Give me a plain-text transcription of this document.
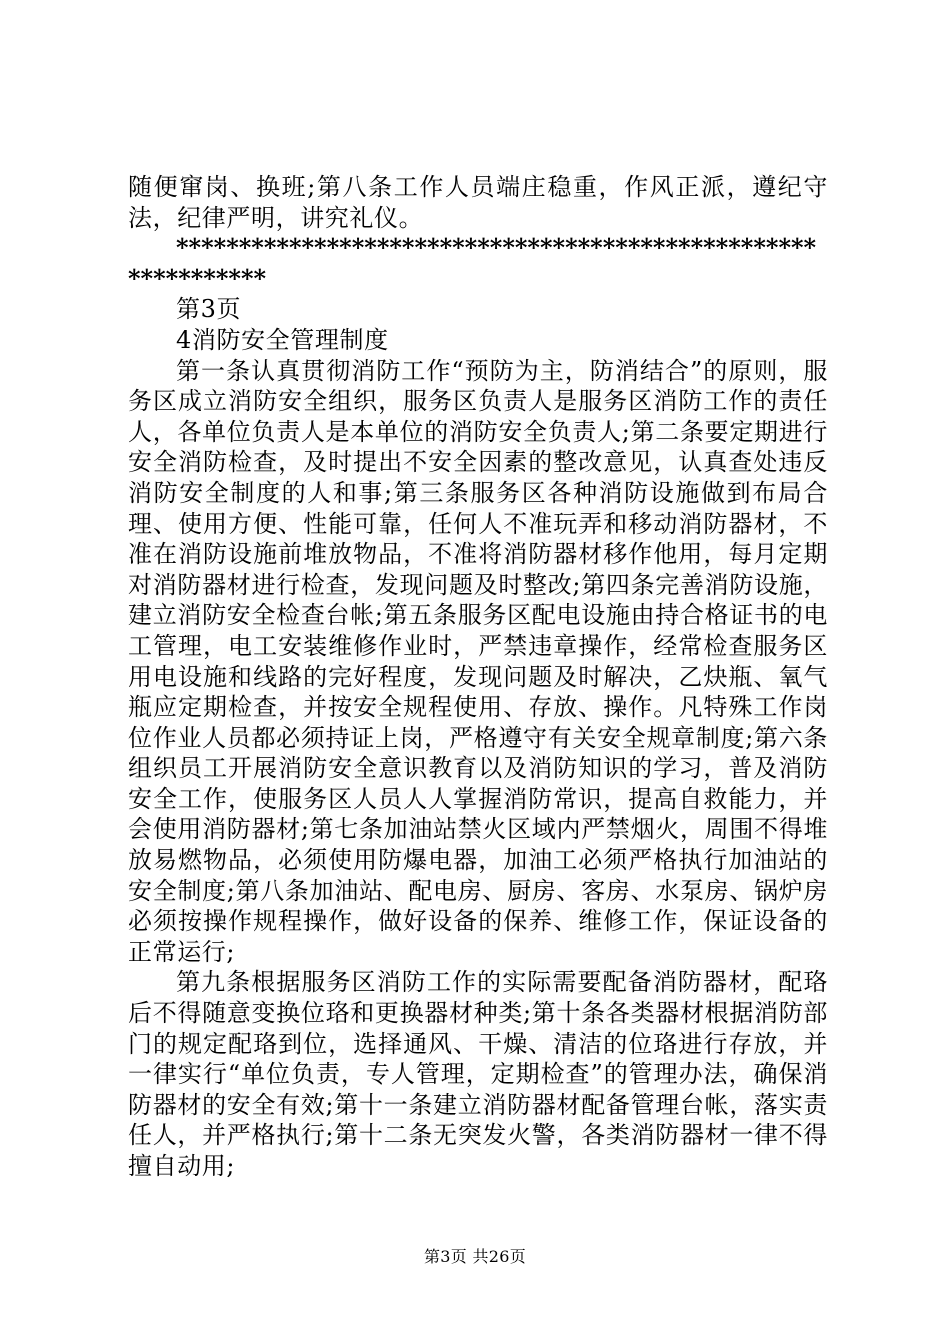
随便窜岗、换班;第八条工作人员端庄稳重，作风正派，遵纪守法，纪律严明，讲究礼仪。

**************************************************************

第3页

4消防安全管理制度

第一条认真贯彻消防工作“预防为主，防消结合”的原则，服务区成立消防安全组织，服务区负责人是服务区消防工作的责任人，各单位负责人是本单位的消防安全负责人;第二条要定期进行安全消防检查，及时提出不安全因素的整改意见，认真查处违反消防安全制度的人和事;第三条服务区各种消防设施做到布局合理、使用方便、性能可靠，任何人不准玩弄和移动消防器材，不准在消防设施前堆放物品，不准将消防器材移作他用，每月定期对消防器材进行检查，发现问题及时整改;第四条完善消防设施，建立消防安全检查台帐;第五条服务区配电设施由持合格证书的电工管理，电工安装维修作业时，严禁违章操作，经常检查服务区用电设施和线路的完好程度，发现问题及时解决，乙炔瓶、氧气瓶应定期检查，并按安全规程使用、存放、操作。凡特殊工作岗位作业人员都必须持证上岗，严格遵守有关安全规章制度;第六条组织员工开展消防安全意识教育以及消防知识的学习，普及消防安全工作，使服务区人员人人掌握消防常识，提高自救能力，并会使用消防器材;第七条加油站禁火区域内严禁烟火，周围不得堆放易燃物品，必须使用防爆电器，加油工必须严格执行加油站的安全制度;第八条加油站、配电房、厨房、客房、水泵房、锅炉房必须按操作规程操作，做好设备的保养、维修工作，保证设备的正常运行;

第九条根据服务区消防工作的实际需要配备消防器材，配珞后不得随意变换位珞和更换器材种类;第十条各类器材根据消防部门的规定配珞到位，选择通风、干燥、清洁的位珞进行存放，并一律实行“单位负责，专人管理，定期检查”的管理办法，确保消防器材的安全有效;第十一条建立消防器材配备管理台帐，落实责任人，并严格执行;第十二条无突发火警，各类消防器材一律不得擅自动用;

第3页 共26页
